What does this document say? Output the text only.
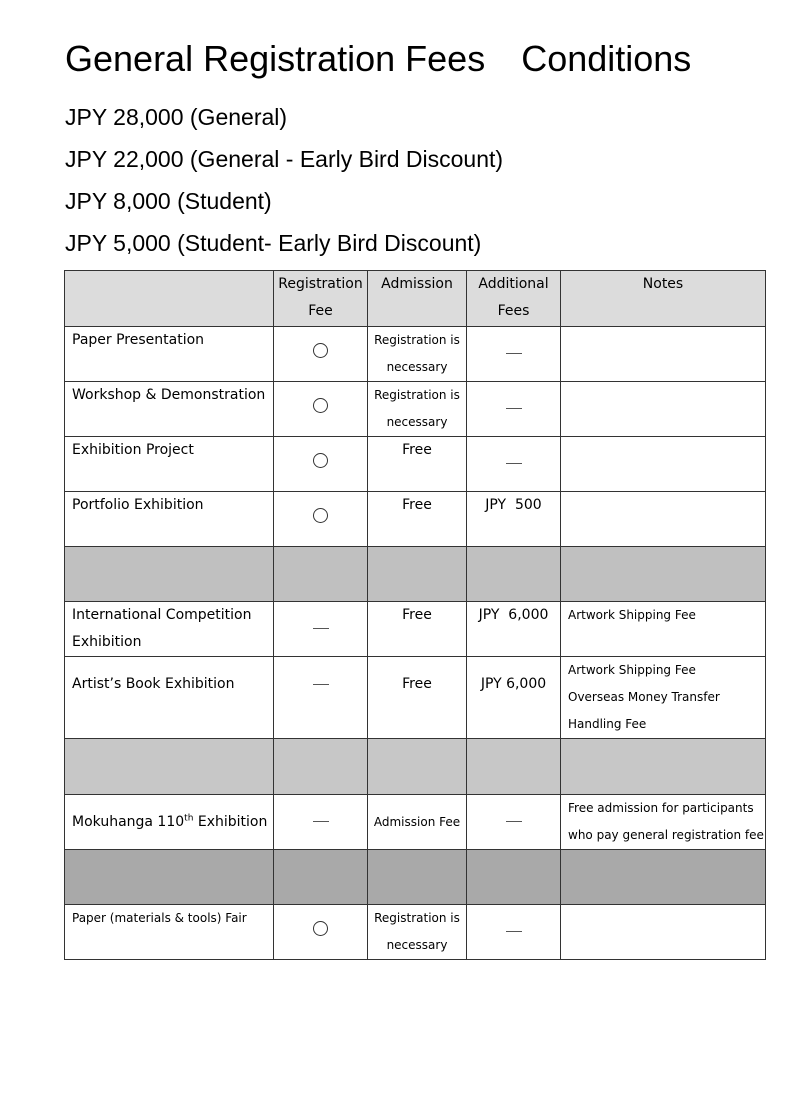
General Registration Fees Conditions

JPY 28,000 (General)

JPY 22,000 (General - Early Bird Discount)

JPY 8,000 (Student)

JPY 5,000 (Student- Early Bird Discount)

	Registration Fee	Admission	Additional Fees	Notes
Paper Presentation		Registration is necessary		
Workshop & Demonstration		Registration is necessary		
Exhibition Project		Free		
Portfolio Exhibition		Free	JPY  500	

International Competition Exhibition		Free	JPY  6,000	Artwork Shipping Fee
Artist’s Book Exhibition		Free	JPY 6,000	Artwork Shipping Fee
Overseas Money Transfer
Handling Fee

Mokuhanga 110th Exhibition		Admission Fee		Free admission for participants
who pay general registration fee

Paper (materials & tools) Fair		Registration is necessary		
